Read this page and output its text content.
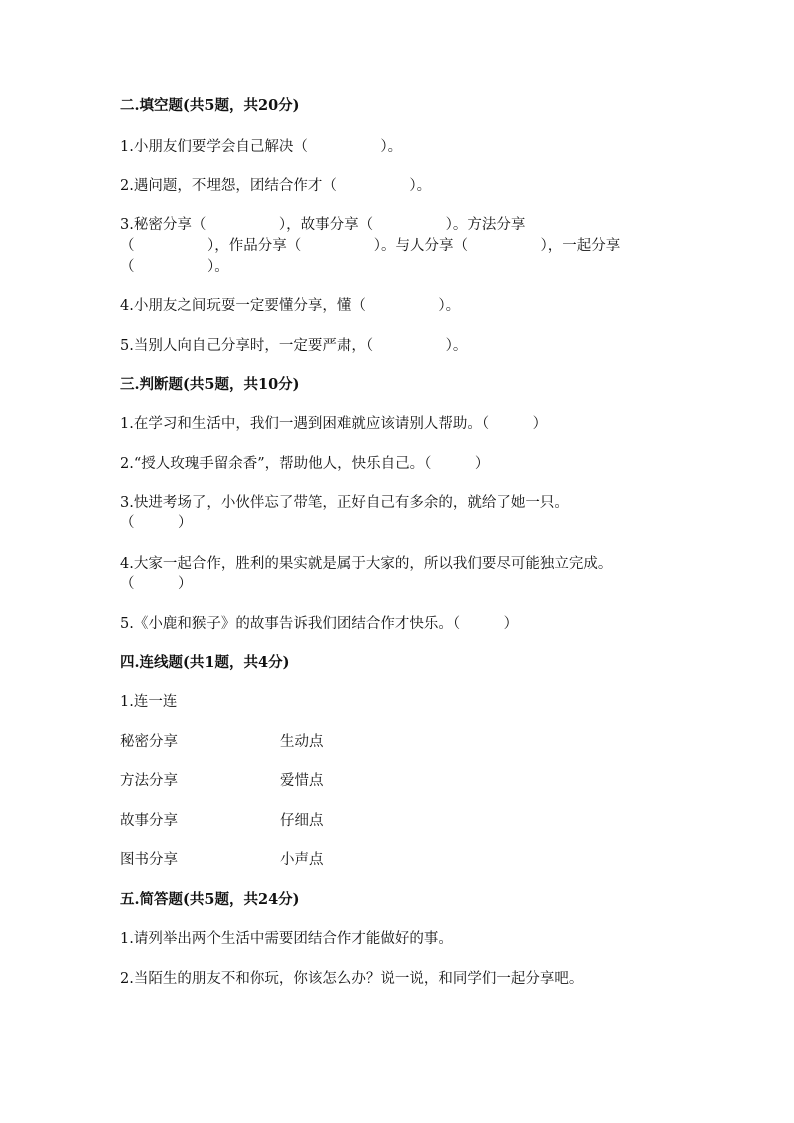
二.填空题(共5题，共20分)
1.小朋友们要学会自己解决（　　　　　）。
2.遇问题，不埋怨，团结合作才（　　　　　）。
3.秘密分享（　　　　　），故事分享（　　　　　）。方法分享
（　　　　　），作品分享（　　　　　）。与人分享（　　　　　），一起分享
（　　　　　）。
4.小朋友之间玩耍一定要懂分享，懂（　　　　　）。
5.当别人向自己分享时，一定要严肃，（　　　　　）。
三.判断题(共5题，共10分)
1.在学习和生活中，我们一遇到困难就应该请别人帮助。（　　　）
2.“授人玫瑰手留余香”，帮助他人，快乐自己。（　　　）
3.快进考场了，小伙伴忘了带笔，正好自己有多余的，就给了她一只。
（　　　）
4.大家一起合作，胜利的果实就是属于大家的，所以我们要尽可能独立完成。
（　　　）
5.《小鹿和猴子》的故事告诉我们团结合作才快乐。（　　　）
四.连线题(共1题，共4分)
1.连一连
秘密分享	生动点
方法分享	爱惜点
故事分享	仔细点
图书分享	小声点
五.简答题(共5题，共24分)
1.请列举出两个生活中需要团结合作才能做好的事。
2.当陌生的朋友不和你玩，你该怎么办？说一说，和同学们一起分享吧。
